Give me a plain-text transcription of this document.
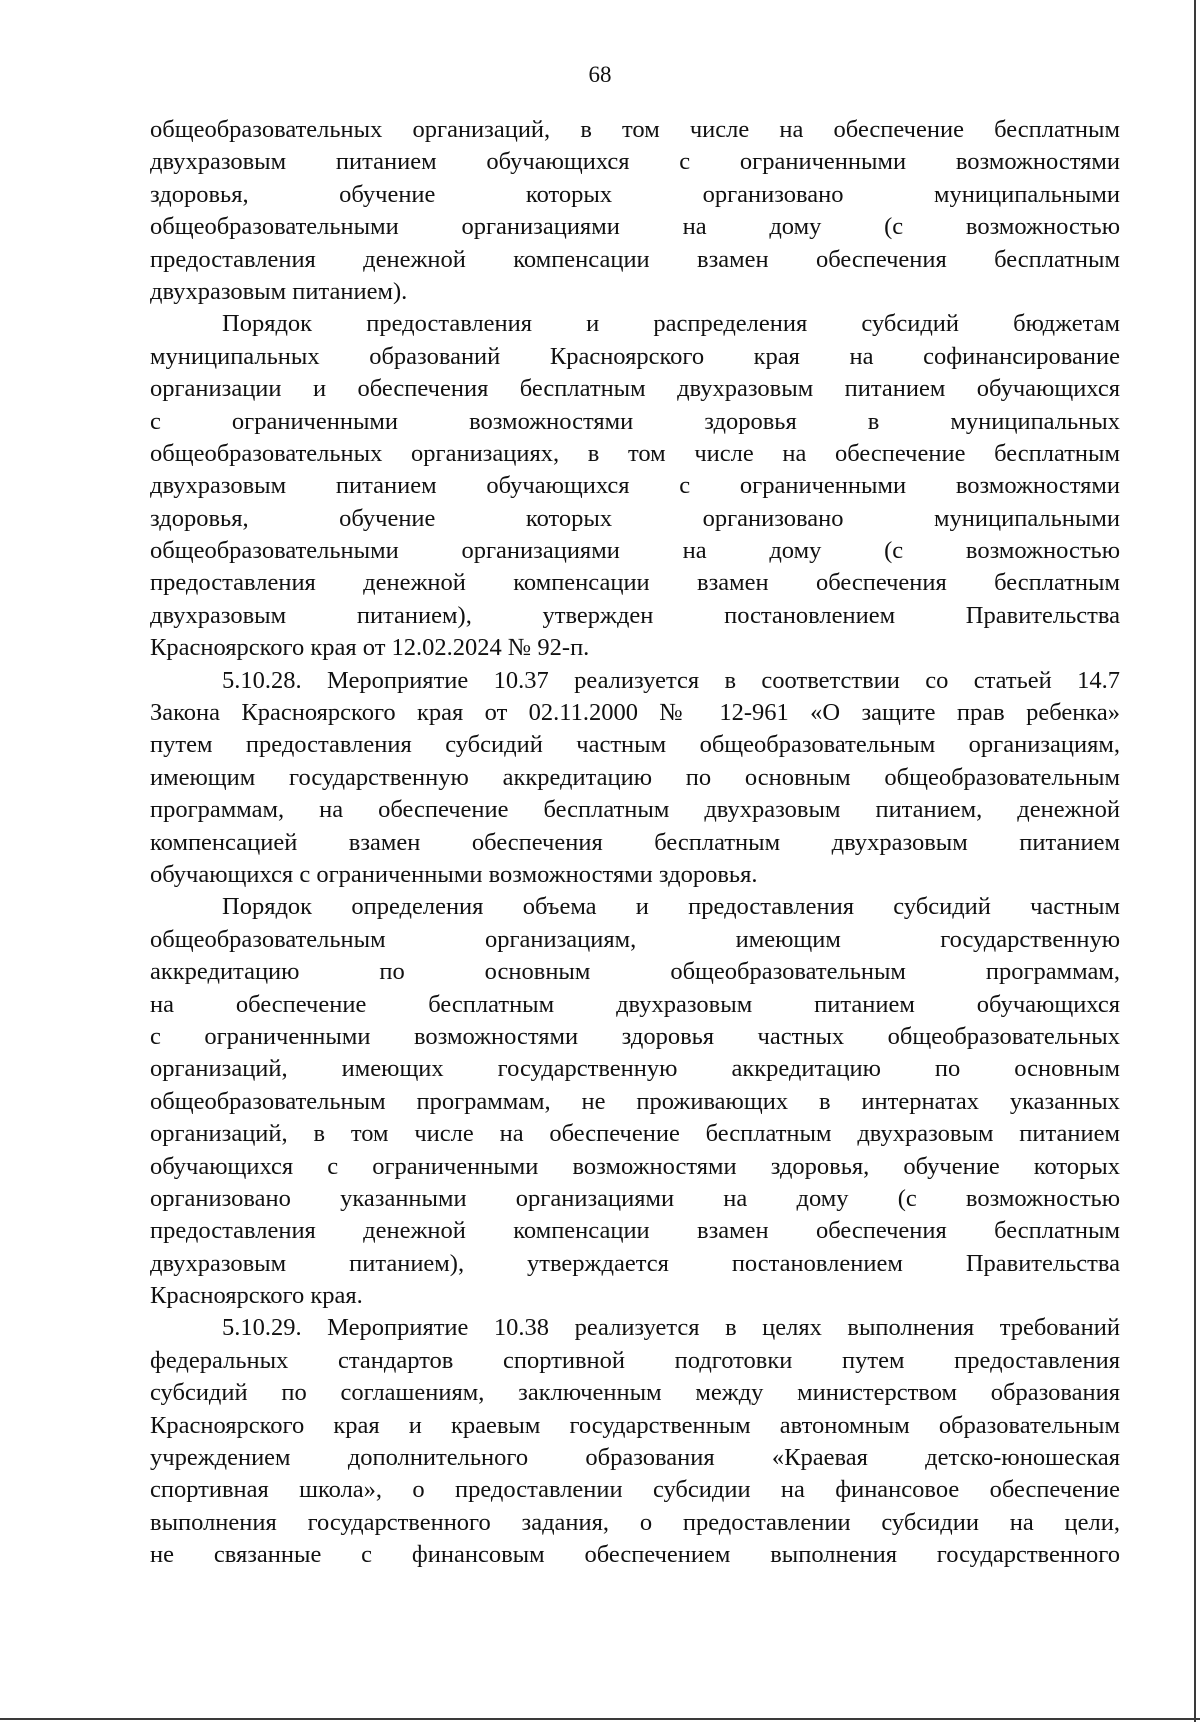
68
общеобразовательных организаций, в том числе на обеспечение бесплатным
двухразовым питанием обучающихся с ограниченными возможностями
здоровья, обучение которых организовано муниципальными
общеобразовательными организациями на дому (с возможностью
предоставления денежной компенсации взамен обеспечения бесплатным
двухразовым питанием).
Порядок предоставления и распределения субсидий бюджетам
муниципальных образований Красноярского края на софинансирование
организации и обеспечения бесплатным двухразовым питанием обучающихся
с ограниченными возможностями здоровья в муниципальных
общеобразовательных организациях, в том числе на обеспечение бесплатным
двухразовым питанием обучающихся с ограниченными возможностями
здоровья, обучение которых организовано муниципальными
общеобразовательными организациями на дому (с возможностью
предоставления денежной компенсации взамен обеспечения бесплатным
двухразовым питанием), утвержден постановлением Правительства
Красноярского края от 12.02.2024 № 92-п.
5.10.28. Мероприятие 10.37 реализуется в соответствии со статьей 14.7
Закона Красноярского края от 02.11.2000 № 12-961 «О защите прав ребенка»
путем предоставления субсидий частным общеобразовательным организациям,
имеющим государственную аккредитацию по основным общеобразовательным
программам, на обеспечение бесплатным двухразовым питанием, денежной
компенсацией взамен обеспечения бесплатным двухразовым питанием
обучающихся с ограниченными возможностями здоровья.
Порядок определения объема и предоставления субсидий частным
общеобразовательным организациям, имеющим государственную
аккредитацию по основным общеобразовательным программам,
на обеспечение бесплатным двухразовым питанием обучающихся
с ограниченными возможностями здоровья частных общеобразовательных
организаций, имеющих государственную аккредитацию по основным
общеобразовательным программам, не проживающих в интернатах указанных
организаций, в том числе на обеспечение бесплатным двухразовым питанием
обучающихся с ограниченными возможностями здоровья, обучение которых
организовано указанными организациями на дому (с возможностью
предоставления денежной компенсации взамен обеспечения бесплатным
двухразовым питанием), утверждается постановлением Правительства
Красноярского края.
5.10.29. Мероприятие 10.38 реализуется в целях выполнения требований
федеральных стандартов спортивной подготовки путем предоставления
субсидий по соглашениям, заключенным между министерством образования
Красноярского края и краевым государственным автономным образовательным
учреждением дополнительного образования «Краевая детско-юношеская
спортивная школа», о предоставлении субсидии на финансовое обеспечение
выполнения государственного задания, о предоставлении субсидии на цели,
не связанные с финансовым обеспечением выполнения государственного
